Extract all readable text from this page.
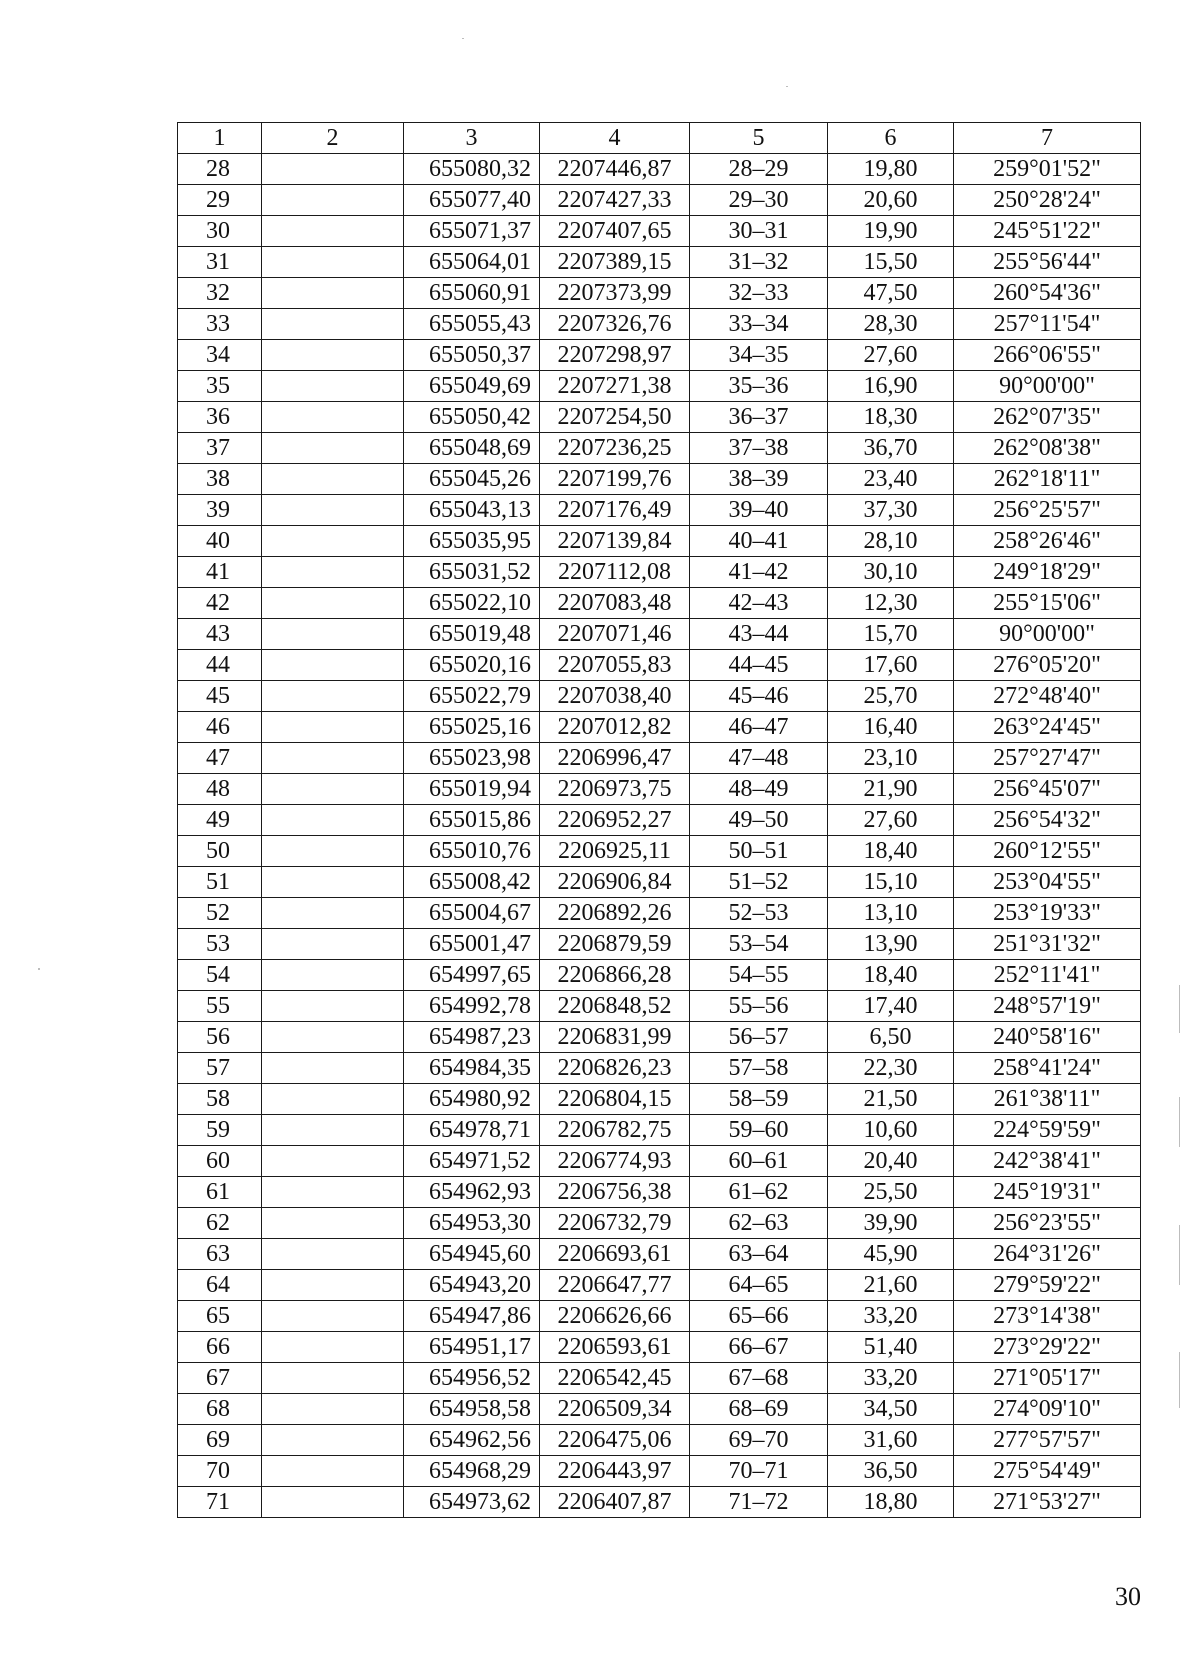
1	2	3	4	5	6	7
28		655080,32	2207446,87	28–29	19,80	259°01'52"
29		655077,40	2207427,33	29–30	20,60	250°28'24"
30		655071,37	2207407,65	30–31	19,90	245°51'22"
31		655064,01	2207389,15	31–32	15,50	255°56'44"
32		655060,91	2207373,99	32–33	47,50	260°54'36"
33		655055,43	2207326,76	33–34	28,30	257°11'54"
34		655050,37	2207298,97	34–35	27,60	266°06'55"
35		655049,69	2207271,38	35–36	16,90	90°00'00"
36		655050,42	2207254,50	36–37	18,30	262°07'35"
37		655048,69	2207236,25	37–38	36,70	262°08'38"
38		655045,26	2207199,76	38–39	23,40	262°18'11"
39		655043,13	2207176,49	39–40	37,30	256°25'57"
40		655035,95	2207139,84	40–41	28,10	258°26'46"
41		655031,52	2207112,08	41–42	30,10	249°18'29"
42		655022,10	2207083,48	42–43	12,30	255°15'06"
43		655019,48	2207071,46	43–44	15,70	90°00'00"
44		655020,16	2207055,83	44–45	17,60	276°05'20"
45		655022,79	2207038,40	45–46	25,70	272°48'40"
46		655025,16	2207012,82	46–47	16,40	263°24'45"
47		655023,98	2206996,47	47–48	23,10	257°27'47"
48		655019,94	2206973,75	48–49	21,90	256°45'07"
49		655015,86	2206952,27	49–50	27,60	256°54'32"
50		655010,76	2206925,11	50–51	18,40	260°12'55"
51		655008,42	2206906,84	51–52	15,10	253°04'55"
52		655004,67	2206892,26	52–53	13,10	253°19'33"
53		655001,47	2206879,59	53–54	13,90	251°31'32"
54		654997,65	2206866,28	54–55	18,40	252°11'41"
55		654992,78	2206848,52	55–56	17,40	248°57'19"
56		654987,23	2206831,99	56–57	6,50	240°58'16"
57		654984,35	2206826,23	57–58	22,30	258°41'24"
58		654980,92	2206804,15	58–59	21,50	261°38'11"
59		654978,71	2206782,75	59–60	10,60	224°59'59"
60		654971,52	2206774,93	60–61	20,40	242°38'41"
61		654962,93	2206756,38	61–62	25,50	245°19'31"
62		654953,30	2206732,79	62–63	39,90	256°23'55"
63		654945,60	2206693,61	63–64	45,90	264°31'26"
64		654943,20	2206647,77	64–65	21,60	279°59'22"
65		654947,86	2206626,66	65–66	33,20	273°14'38"
66		654951,17	2206593,61	66–67	51,40	273°29'22"
67		654956,52	2206542,45	67–68	33,20	271°05'17"
68		654958,58	2206509,34	68–69	34,50	274°09'10"
69		654962,56	2206475,06	69–70	31,60	277°57'57"
70		654968,29	2206443,97	70–71	36,50	275°54'49"
71		654973,62	2206407,87	71–72	18,80	271°53'27"
30
